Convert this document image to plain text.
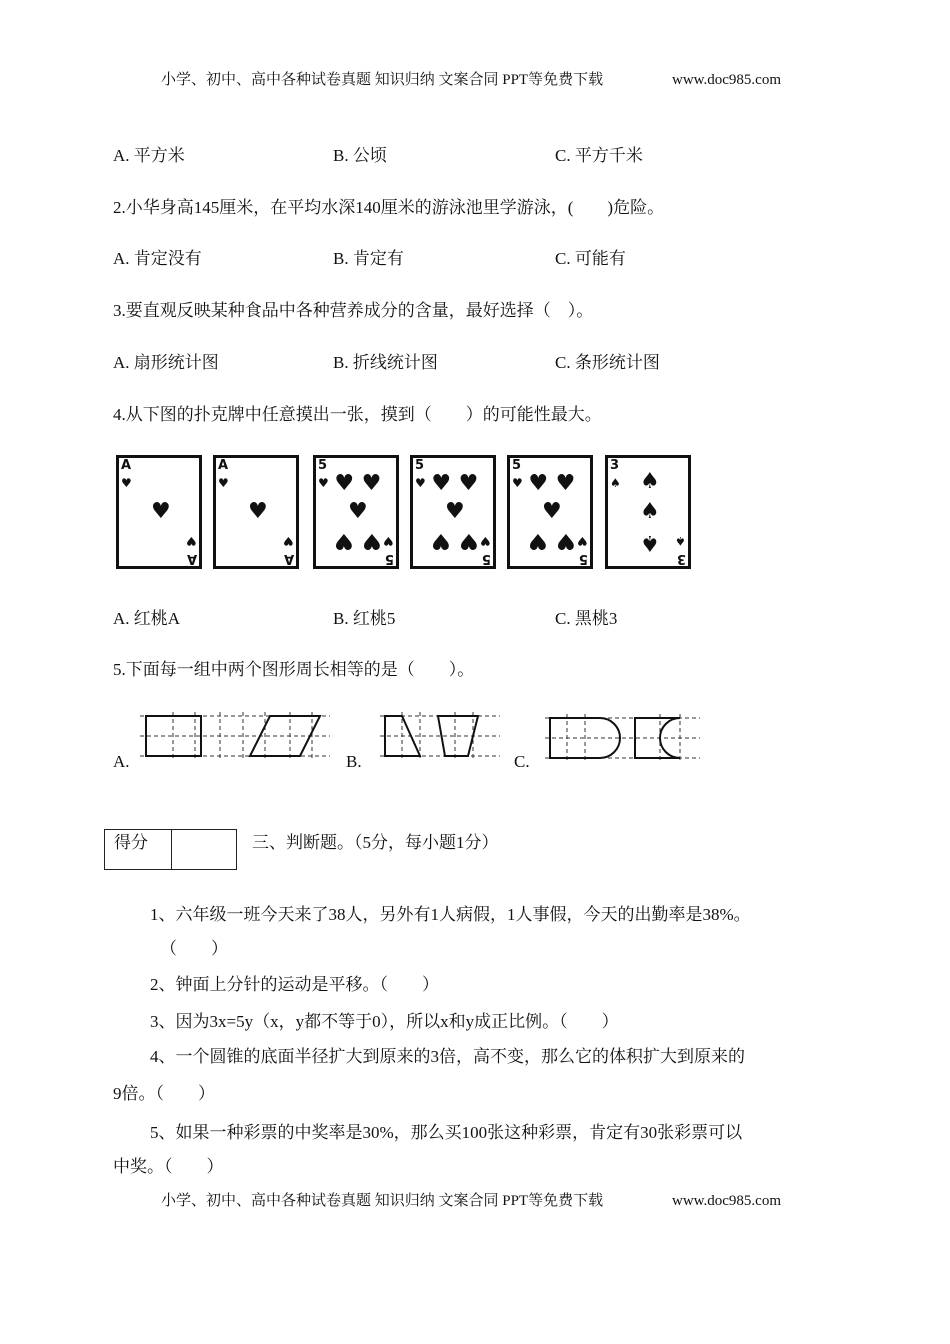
小学、初中、高中各种试卷真题 知识归纳 文案合同 PPT等免费下载	www.doc985.com
A. 平方米	B. 公顷	C. 平方千米
2.小华身高145厘米，在平均水深140厘米的游泳池里学游泳，(　　)危险。
A. 肯定没有	B. 肯定有	C. 可能有
3.要直观反映某种食品中各种营养成分的含量，最好选择（　）。
A. 扇形统计图	B. 折线统计图	C. 条形统计图
4.从下图的扑克牌中任意摸出一张，摸到（　　）的可能性最大。
A
♥
♥
A
♥
A
♥
♥
A
♥
5
♥
♥
5
♥ ♥
♥
♥ ♥
5
♥
♥
5
♥ ♥
♥
♥ ♥
5
♥
♥
5
♥ ♥
♥
♥ ♥
3
♠
♠
3
♠
♠
♠
A. 红桃A	B. 红桃5	C. 黑桃3
5.下面每一组中两个图形周长相等的是（　　）。
A.	B.	C.
得分	三、判断题。（5分，每小题1分）
1、六年级一班今天来了38人，另外有1人病假，1人事假，今天的出勤率是38%。
（　　）
2、钟面上分针的运动是平移。（　　）
3、因为3x=5y（x，y都不等于0），所以x和y成正比例。（　　）
4、一个圆锥的底面半径扩大到原来的3倍，高不变，那么它的体积扩大到原来的
9倍。（　　）
5、如果一种彩票的中奖率是30%，那么买100张这种彩票，肯定有30张彩票可以
中奖。（　　）
小学、初中、高中各种试卷真题 知识归纳 文案合同 PPT等免费下载	www.doc985.com
